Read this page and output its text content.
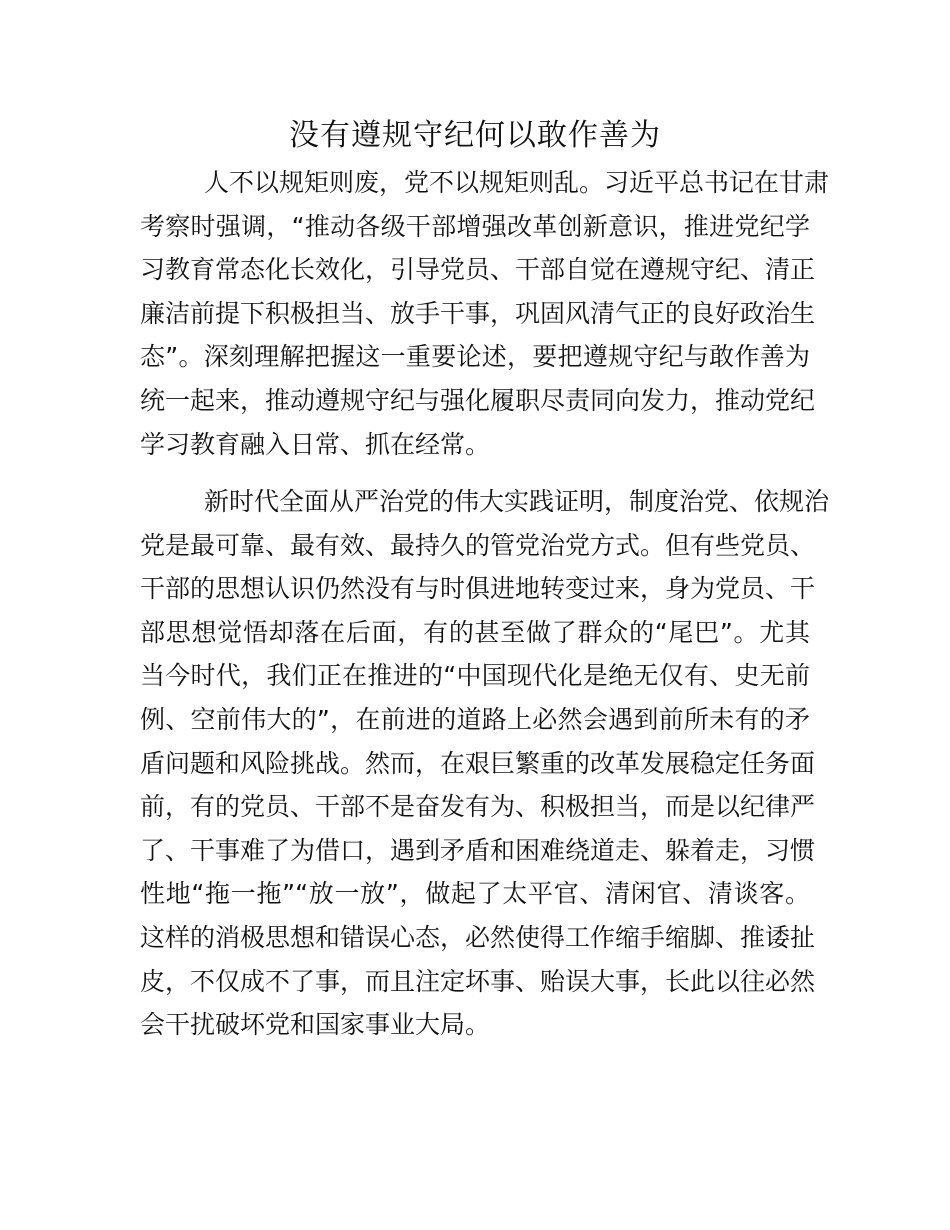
没有遵规守纪何以敢作善为
人不以规矩则废，党不以规矩则乱。习近平总书记在甘肃
考察时强调，“推动各级干部增强改革创新意识，推进党纪学
习教育常态化长效化，引导党员、干部自觉在遵规守纪、清正
廉洁前提下积极担当、放手干事，巩固风清气正的良好政治生
态”。深刻理解把握这一重要论述，要把遵规守纪与敢作善为
统一起来，推动遵规守纪与强化履职尽责同向发力，推动党纪
学习教育融入日常、抓在经常。
新时代全面从严治党的伟大实践证明，制度治党、依规治
党是最可靠、最有效、最持久的管党治党方式。但有些党员、
干部的思想认识仍然没有与时俱进地转变过来，身为党员、干
部思想觉悟却落在后面，有的甚至做了群众的“尾巴”。尤其
当今时代，我们正在推进的“中国现代化是绝无仅有、史无前
例、空前伟大的”，在前进的道路上必然会遇到前所未有的矛
盾问题和风险挑战。然而，在艰巨繁重的改革发展稳定任务面
前，有的党员、干部不是奋发有为、积极担当，而是以纪律严
了、干事难了为借口，遇到矛盾和困难绕道走、躲着走，习惯
性地“拖一拖”“放一放”，做起了太平官、清闲官、清谈客。
这样的消极思想和错误心态，必然使得工作缩手缩脚、推诿扯
皮，不仅成不了事，而且注定坏事、贻误大事，长此以往必然
会干扰破坏党和国家事业大局。
